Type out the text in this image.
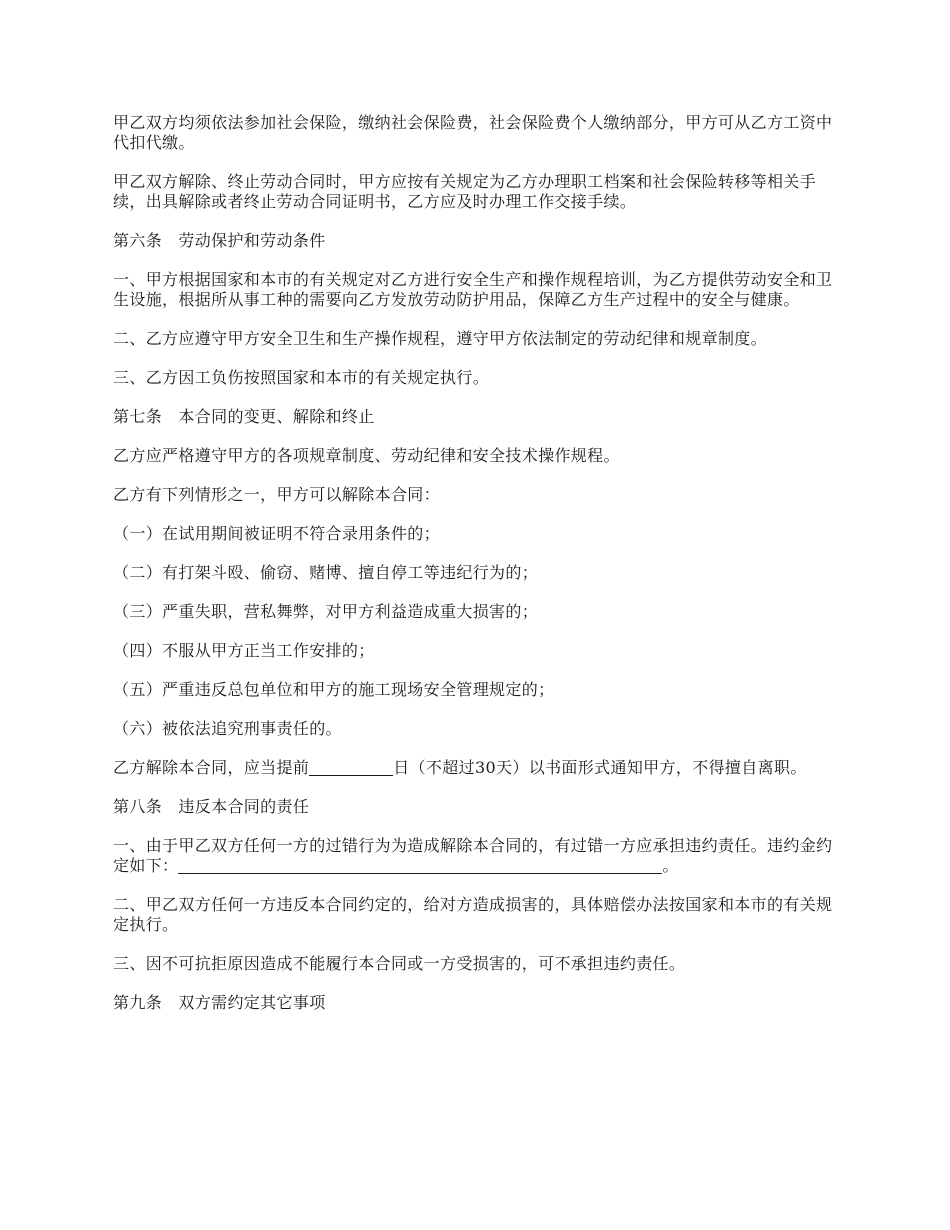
甲乙双方均须依法参加社会保险，缴纳社会保险费，社会保险费个人缴纳部分，甲方可从乙方工资中代扣代缴。

甲乙双方解除、终止劳动合同时，甲方应按有关规定为乙方办理职工档案和社会保险转移等相关手续，出具解除或者终止劳动合同证明书，乙方应及时办理工作交接手续。

第六条　劳动保护和劳动条件

一、甲方根据国家和本市的有关规定对乙方进行安全生产和操作规程培训，为乙方提供劳动安全和卫生设施，根据所从事工种的需要向乙方发放劳动防护用品，保障乙方生产过程中的安全与健康。

二、乙方应遵守甲方安全卫生和生产操作规程，遵守甲方依法制定的劳动纪律和规章制度。

三、乙方因工负伤按照国家和本市的有关规定执行。

第七条　本合同的变更、解除和终止

乙方应严格遵守甲方的各项规章制度、劳动纪律和安全技术操作规程。

乙方有下列情形之一，甲方可以解除本合同：

（一）在试用期间被证明不符合录用条件的；

（二）有打架斗殴、偷窃、赌博、擅自停工等违纪行为的；

（三）严重失职，营私舞弊，对甲方利益造成重大损害的；

（四）不服从甲方正当工作安排的；

（五）严重违反总包单位和甲方的施工现场安全管理规定的；

（六）被依法追究刑事责任的。

乙方解除本合同，应当提前	日（不超过30天）以书面形式通知甲方，不得擅自离职。

第八条　违反本合同的责任

一、由于甲乙双方任何一方的过错行为为造成解除本合同的，有过错一方应承担违约责任。违约金约定如下：	。

二、甲乙双方任何一方违反本合同约定的，给对方造成损害的，具体赔偿办法按国家和本市的有关规定执行。

三、因不可抗拒原因造成不能履行本合同或一方受损害的，可不承担违约责任。

第九条　双方需约定其它事项
